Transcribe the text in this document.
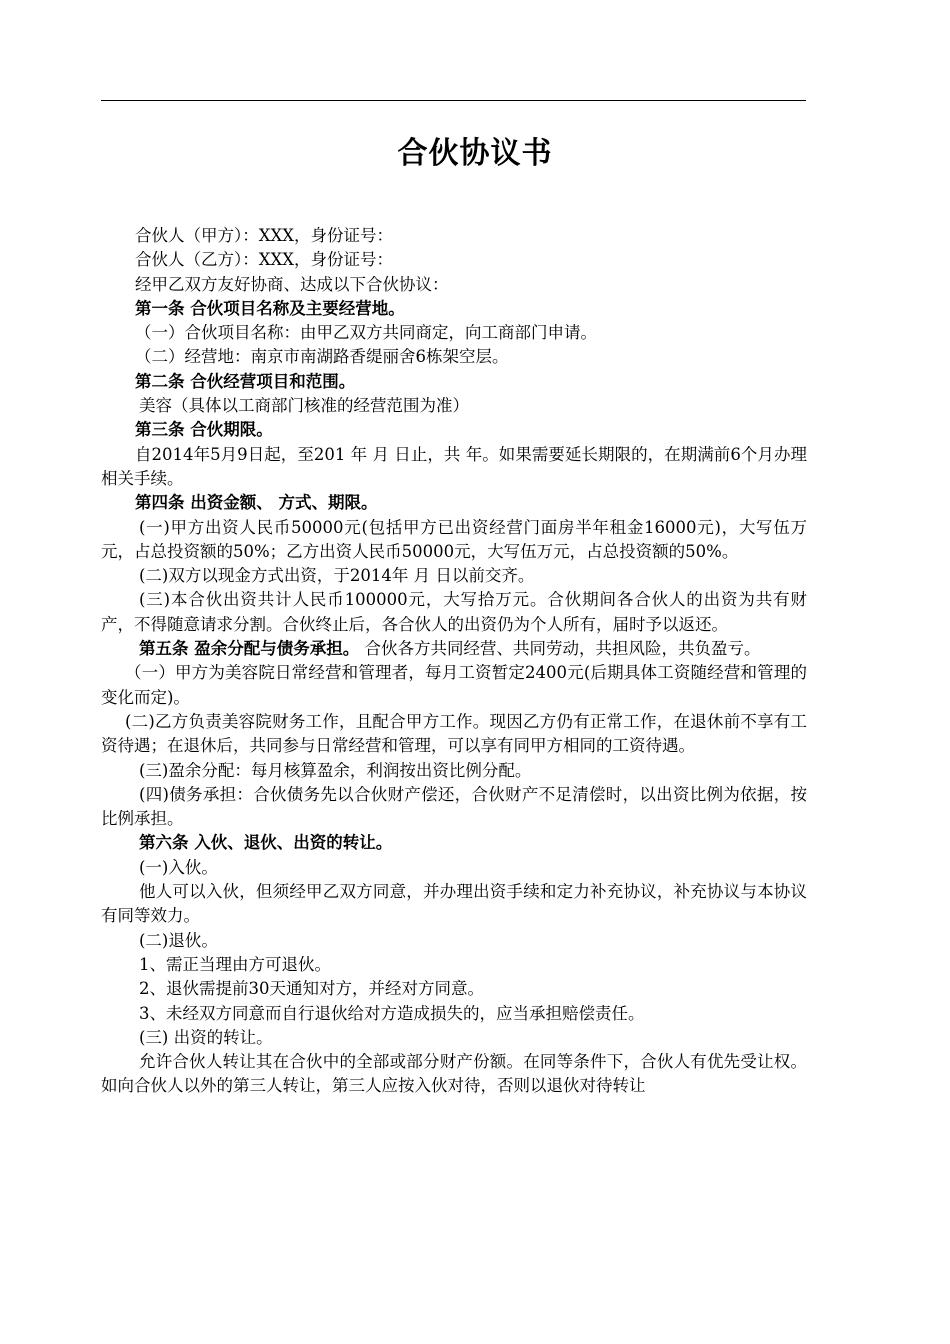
合伙协议书

合伙人（甲方）：XXX，身份证号：

合伙人（乙方）：XXX，身份证号：

经甲乙双方友好协商、达成以下合伙协议：

第一条 合伙项目名称及主要经营地。

（一）合伙项目名称：由甲乙双方共同商定，向工商部门申请。

（二）经营地：南京市南湖路香缇丽舍6栋架空层。

第二条 合伙经营项目和范围。

美容（具体以工商部门核准的经营范围为准）

第三条 合伙期限。

自2014年5月9日起，至201 年 月 日止，共 年。如果需要延长期限的，在期满前6个月办理相关手续。

第四条 出资金额、 方式、期限。

(一)甲方出资人民币50000元(包括甲方已出资经营门面房半年租金16000元)，大写伍万元，占总投资额的50%；乙方出资人民币50000元，大写伍万元，占总投资额的50%。

(二)双方以现金方式出资，于2014年 月 日以前交齐。

(三)本合伙出资共计人民币100000元，大写拾万元。合伙期间各合伙人的出资为共有财产，不得随意请求分割。合伙终止后，各合伙人的出资仍为个人所有，届时予以返还。

第五条 盈余分配与债务承担。 合伙各方共同经营、共同劳动，共担风险，共负盈亏。

（一）甲方为美容院日常经营和管理者，每月工资暂定2400元(后期具体工资随经营和管理的变化而定)。

(二)乙方负责美容院财务工作，且配合甲方工作。现因乙方仍有正常工作，在退休前不享有工资待遇；在退休后，共同参与日常经营和管理，可以享有同甲方相同的工资待遇。

(三)盈余分配：每月核算盈余，利润按出资比例分配。

(四)债务承担：合伙债务先以合伙财产偿还，合伙财产不足清偿时，以出资比例为依据，按比例承担。

第六条 入伙、退伙、出资的转让。

(一)入伙。

他人可以入伙，但须经甲乙双方同意，并办理出资手续和定力补充协议，补充协议与本协议有同等效力。

(二)退伙。

1、需正当理由方可退伙。

2、退伙需提前30天通知对方，并经对方同意。

3、未经双方同意而自行退伙给对方造成损失的，应当承担赔偿责任。

(三) 出资的转让。

允许合伙人转让其在合伙中的全部或部分财产份额。在同等条件下，合伙人有优先受让权。如向合伙人以外的第三人转让，第三人应按入伙对待，否则以退伙对待转让
